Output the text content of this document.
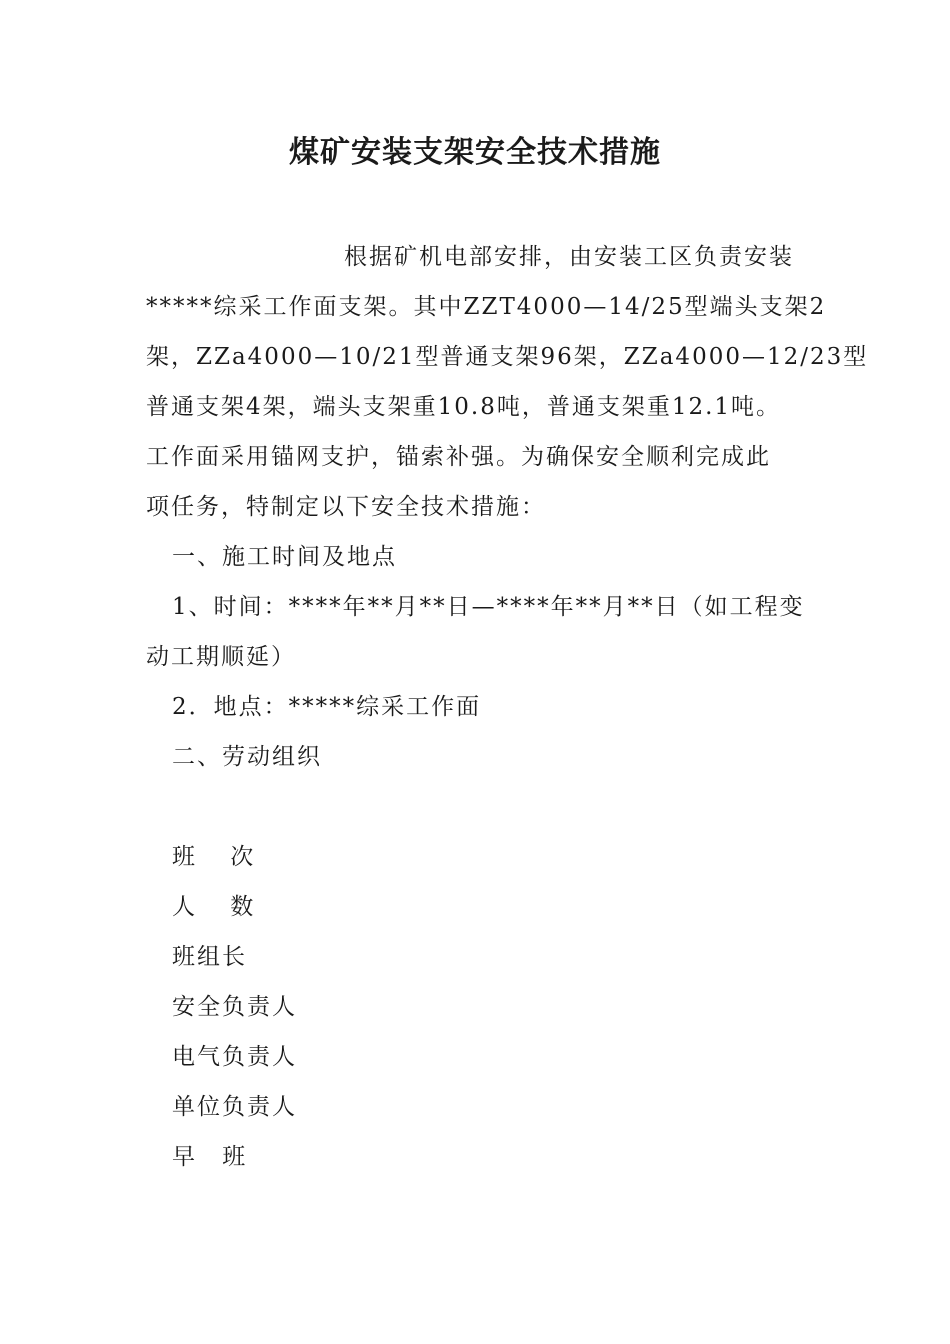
煤矿安装支架安全技术措施
根据矿机电部安排，由安装工区负责安装
*****综采工作面支架。其中ZZT4000—14/25型端头支架2
架，ZZa4000—10/21型普通支架96架，ZZa4000—12/23型
普通支架4架，端头支架重10.8吨，普通支架重12.1吨。
工作面采用锚网支护，锚索补强。为确保安全顺利完成此
项任务，特制定以下安全技术措施：
一、施工时间及地点
1、时间：****年**月**日—****年**月**日（如工程变
动工期顺延）
2．地点：*****综采工作面
二、劳动组织
班 次
人 数
班组长
安全负责人
电气负责人
单位负责人
早 班
